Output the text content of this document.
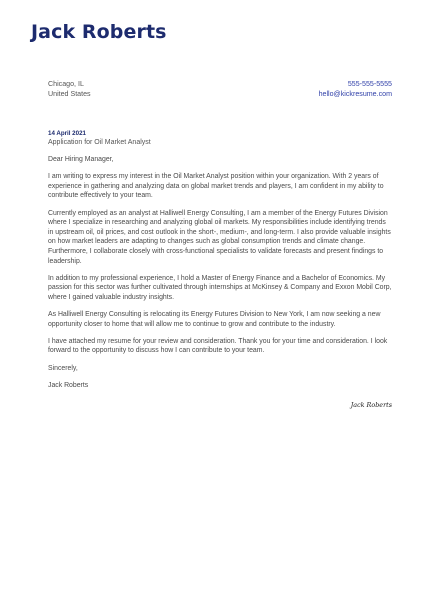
Jack Roberts
Chicago, IL
United States
555-555-5555
hello@kickresume.com
14 April 2021
Application for Oil Market Analyst

Dear Hiring Manager,

I am writing to express my interest in the Oil Market Analyst position within your organization. With 2 years of experience in gathering and analyzing data on global market trends and players, I am confident in my ability to contribute effectively to your team.

Currently employed as an analyst at Halliwell Energy Consulting, I am a member of the Energy Futures Division where I specialize in researching and analyzing global oil markets. My responsibilities include identifying trends in upstream oil, oil prices, and cost outlook in the short-, medium-, and long-term. I also provide valuable insights on how market leaders are adapting to changes such as global consumption trends and climate change. Furthermore, I collaborate closely with cross-functional specialists to validate forecasts and present findings to leadership.

In addition to my professional experience, I hold a Master of Energy Finance and a Bachelor of Economics. My passion for this sector was further cultivated through internships at McKinsey & Company and Exxon Mobil Corp, where I gained valuable industry insights.

As Halliwell Energy Consulting is relocating its Energy Futures Division to New York, I am now seeking a new opportunity closer to home that will allow me to continue to grow and contribute to the industry.

I have attached my resume for your review and consideration. Thank you for your time and consideration. I look forward to the opportunity to discuss how I can contribute to your team.

Sincerely,

Jack Roberts

Jack Roberts
